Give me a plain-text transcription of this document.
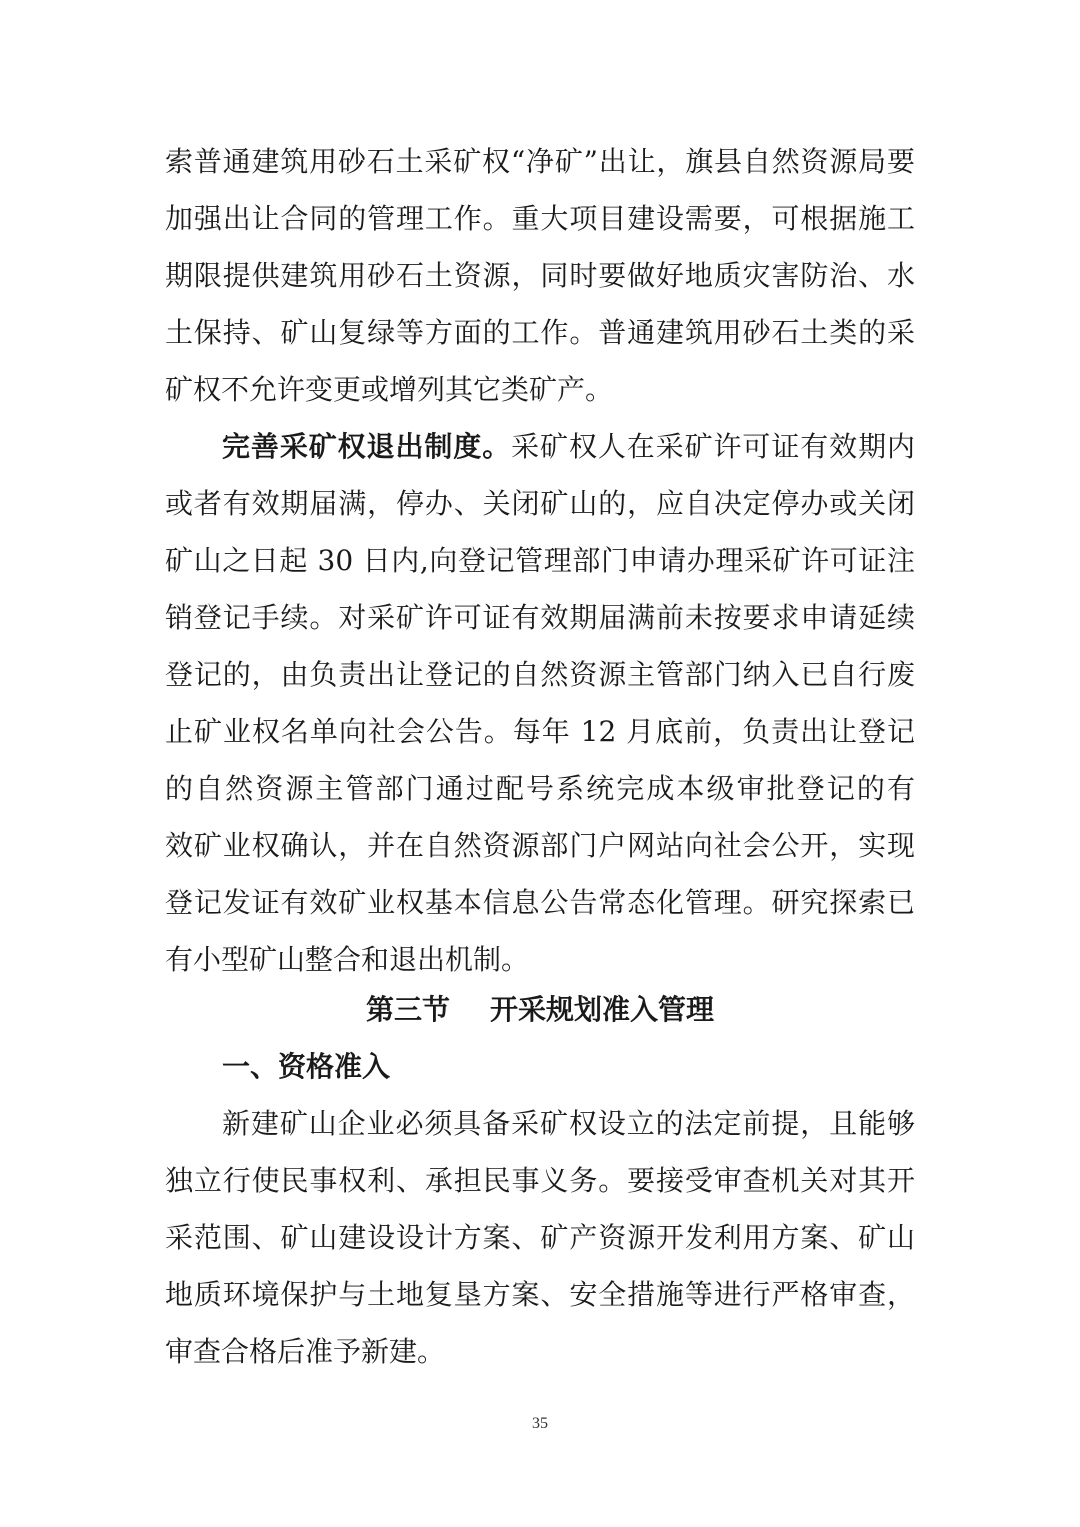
索普通建筑用砂石土采矿权“净矿”出让，旗县自然资源局要
加强出让合同的管理工作。重大项目建设需要，可根据施工
期限提供建筑用砂石土资源，同时要做好地质灾害防治、水
土保持、矿山复绿等方面的工作。普通建筑用砂石土类的采
矿权不允许变更或增列其它类矿产。
完善采矿权退出制度。采矿权人在采矿许可证有效期内
或者有效期届满，停办、关闭矿山的，应自决定停办或关闭
矿山之日起 30 日内,向登记管理部门申请办理采矿许可证注
销登记手续。对采矿许可证有效期届满前未按要求申请延续
登记的，由负责出让登记的自然资源主管部门纳入已自行废
止矿业权名单向社会公告。每年 12 月底前，负责出让登记
的自然资源主管部门通过配号系统完成本级审批登记的有
效矿业权确认，并在自然资源部门户网站向社会公开，实现
登记发证有效矿业权基本信息公告常态化管理。研究探索已
有小型矿山整合和退出机制。
第三节 开采规划准入管理
一、资格准入
新建矿山企业必须具备采矿权设立的法定前提，且能够
独立行使民事权利、承担民事义务。要接受审查机关对其开
采范围、矿山建设设计方案、矿产资源开发利用方案、矿山
地质环境保护与土地复垦方案、安全措施等进行严格审查，
审查合格后准予新建。
35
